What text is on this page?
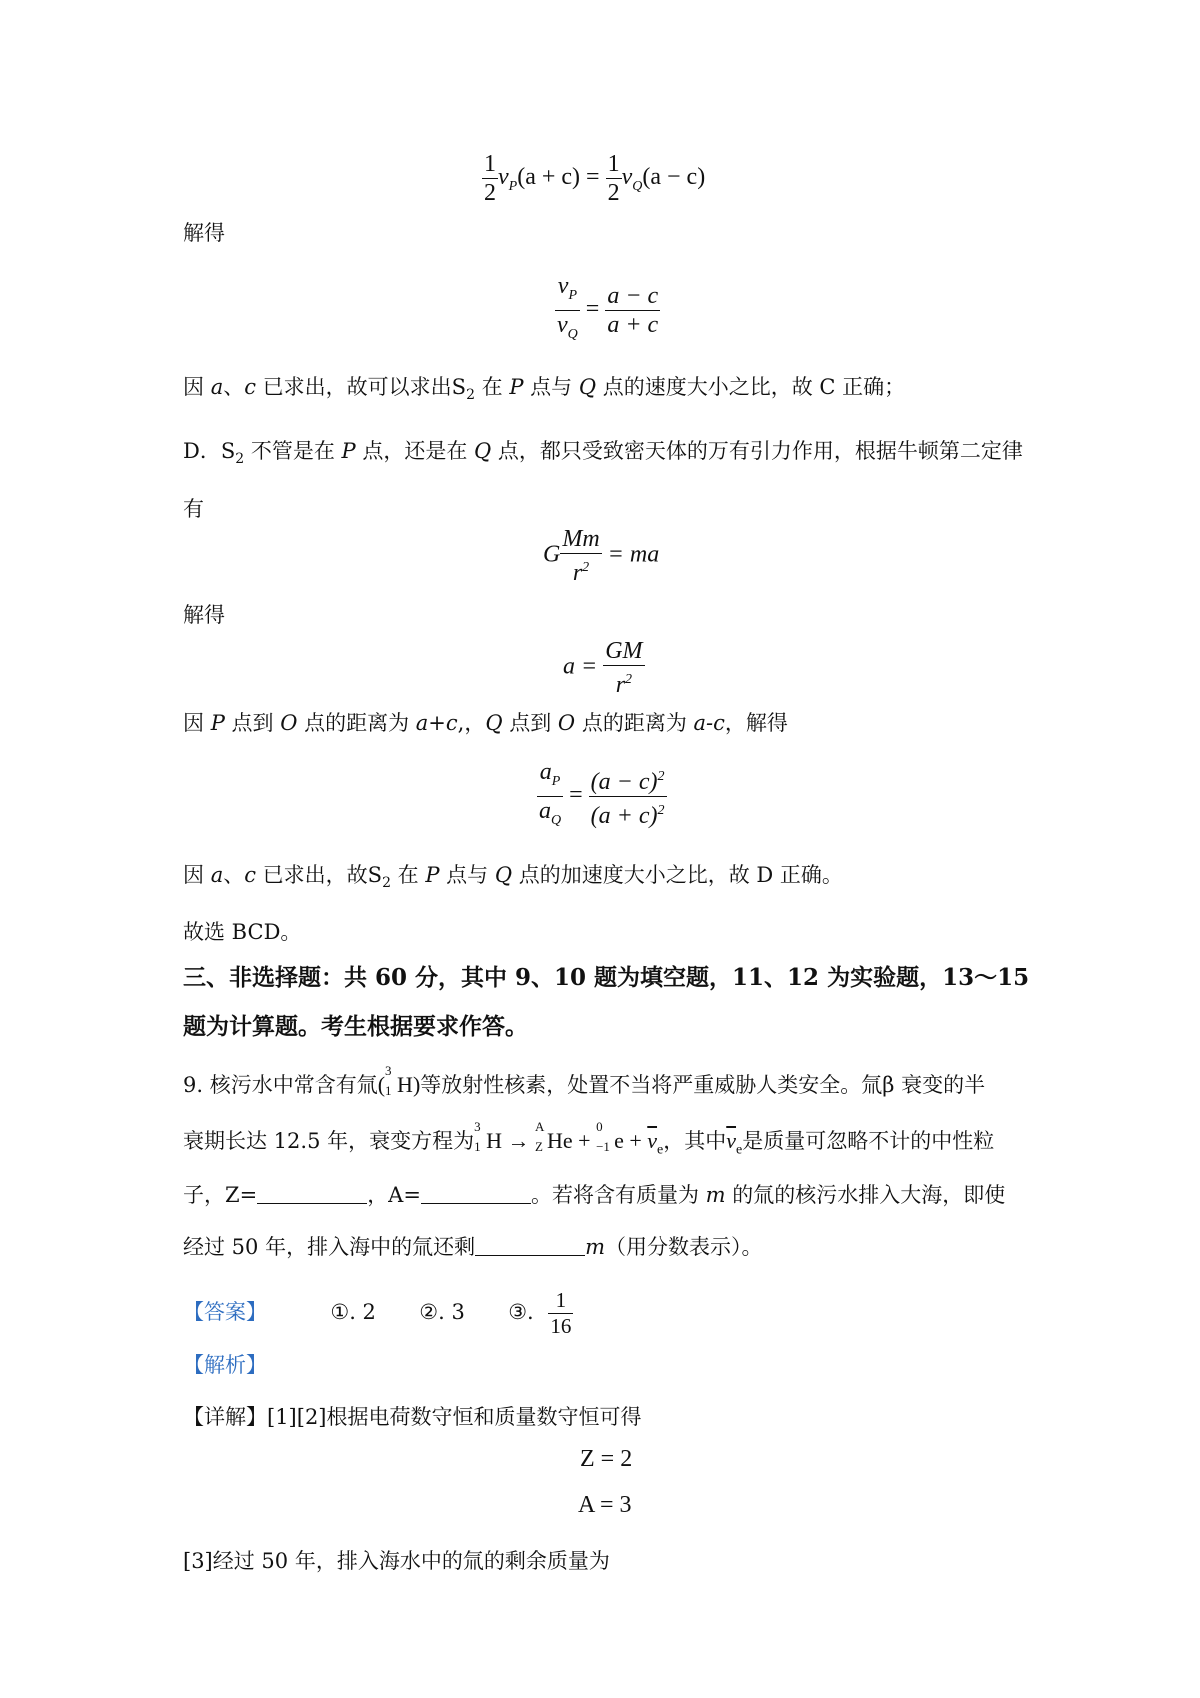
$\frac{1}{2} v_P(a + c) = \frac{1}{2} v_Q(a - c)$
解得
$\frac{v_P}{v_Q} = \frac{a - c}{a + c}$
因 a、c 已求出，故可以求出$S_2$ 在 P 点与 Q 点的速度大小之比，故 C 正确；
D．$S_2$ 不管是在 P 点，还是在 Q 点，都只受致密天体的万有引力作用，根据牛顿第二定律
有
G $\frac{Mm}{r^2}$ = ma
解得
$a = \frac{GM}{r^2}$
因 P 点到 O 点的距离为 a+c,，Q 点到 O 点的距离为 a-c，解得
$\frac{a_P}{a_Q} = \frac{(a - c)^2}{(a + c)^2}$
因 a、c 已求出，故$S_2$ 在 P 点与 Q 点的加速度大小之比，故 D 正确。
故选 BCD。
三、非选择题：共 60 分，其中 9、10 题为填空题，11、12 为实验题，13～15
题为计算题。考生根据要求作答。
9. 核污水中常含有氚(
3
1 H)等放射性核素，处置不当将严重威胁人类安全。氚β 衰变的半
衰期长达 12.5 年，衰变方程为
3
1 H →
A
Z He +
0
−1 $e + \overline{\nu}_e$，其中$\overline{\nu}_e$是质量可忽略不计的中性粒
子，Z=	，A=	。若将含有质量为 m 的氚的核污水排入大海，即使
经过 50 年，排入海中的氚还剩	m（用分数表示）。
【答案】	①. 2 ②. 3 ③. $\frac{1}{16}$
【解析】
【详解】[1][2]根据电荷数守恒和质量数守恒可得
Z = 2
A = 3
[3]经过 50 年，排入海水中的氚的剩余质量为
